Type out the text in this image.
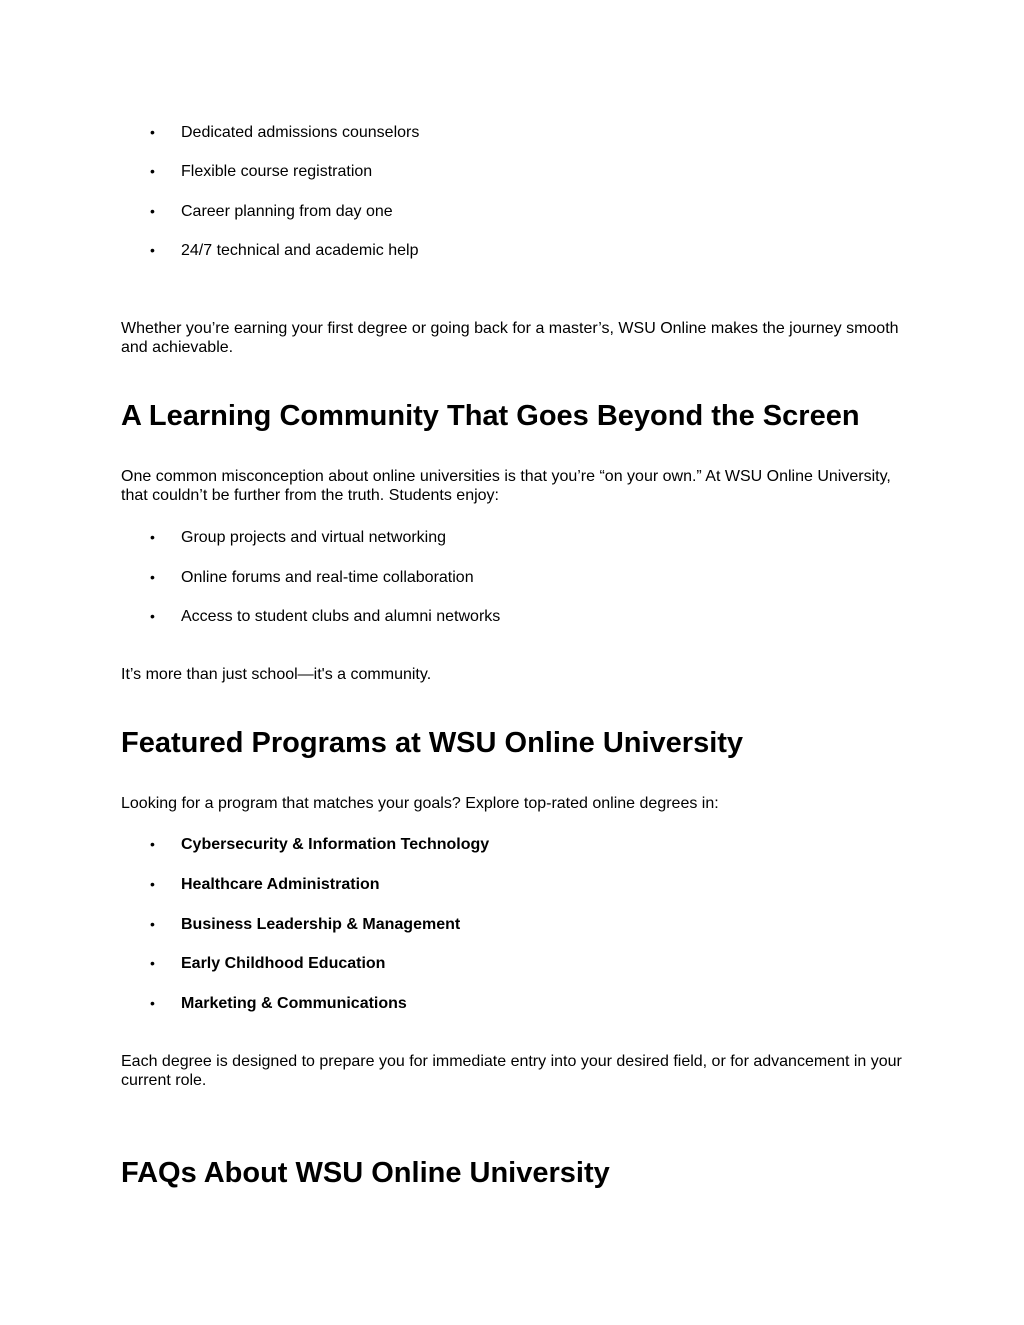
• Dedicated admissions counselors
• Flexible course registration
• Career planning from day one
• 24/7 technical and academic help

Whether you’re earning your first degree or going back for a master’s, WSU Online makes the journey smooth and achievable.

A Learning Community That Goes Beyond the Screen

One common misconception about online universities is that you’re “on your own.” At WSU Online University, that couldn’t be further from the truth. Students enjoy:

• Group projects and virtual networking
• Online forums and real-time collaboration
• Access to student clubs and alumni networks

It’s more than just school—it's a community.

Featured Programs at WSU Online University

Looking for a program that matches your goals? Explore top-rated online degrees in:

• Cybersecurity & Information Technology
• Healthcare Administration
• Business Leadership & Management
• Early Childhood Education
• Marketing & Communications

Each degree is designed to prepare you for immediate entry into your desired field, or for advancement in your current role.

FAQs About WSU Online University
